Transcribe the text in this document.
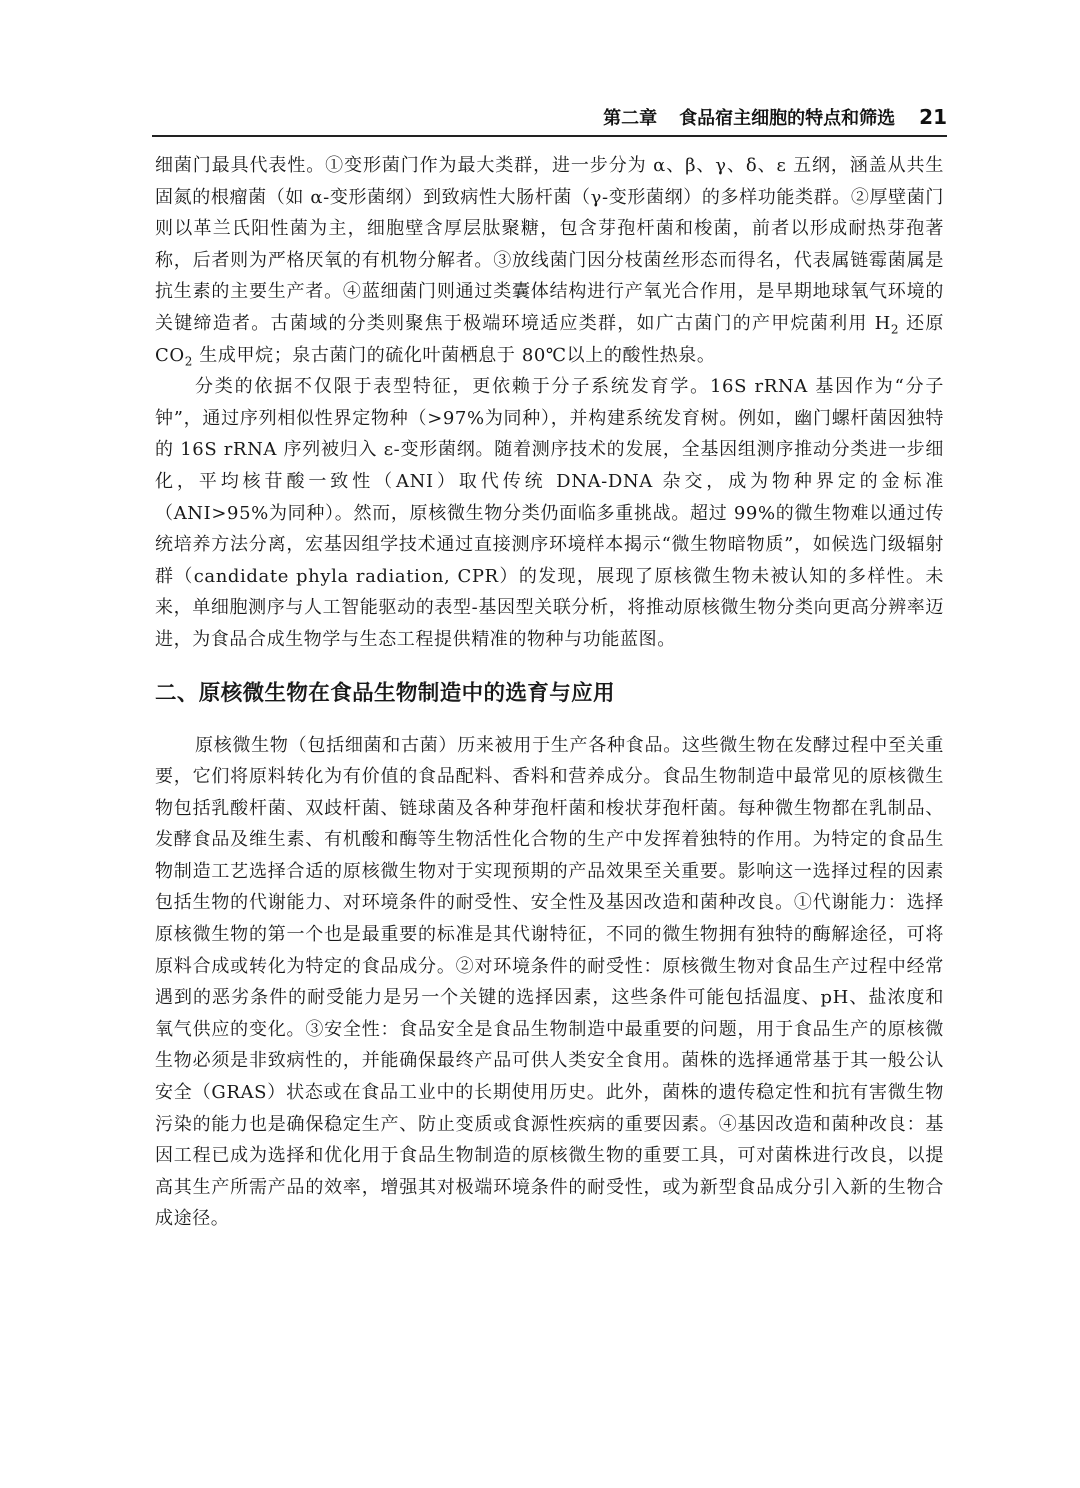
第二章 食品宿主细胞的特点和筛选 21

细菌门最具代表性。①变形菌门作为最大类群，进一步分为 α、β、γ、δ、ε 五纲，涵盖从共生固氮的根瘤菌（如 α-变形菌纲）到致病性大肠杆菌（γ-变形菌纲）的多样功能类群。②厚壁菌门则以革兰氏阳性菌为主，细胞壁含厚层肽聚糖，包含芽孢杆菌和梭菌，前者以形成耐热芽孢著称，后者则为严格厌氧的有机物分解者。③放线菌门因分枝菌丝形态而得名，代表属链霉菌属是抗生素的主要生产者。④蓝细菌门则通过类囊体结构进行产氧光合作用，是早期地球氧气环境的关键缔造者。古菌域的分类则聚焦于极端环境适应类群，如广古菌门的产甲烷菌利用 $H_2$ 还原 $CO_2$ 生成甲烷；泉古菌门的硫化叶菌栖息于 80℃以上的酸性热泉。

分类的依据不仅限于表型特征，更依赖于分子系统发育学。16S rRNA 基因作为“分子钟”，通过序列相似性界定物种（>97%为同种），并构建系统发育树。例如，幽门螺杆菌因独特的 16S rRNA 序列被归入 ε-变形菌纲。随着测序技术的发展，全基因组测序推动分类进一步细化，平均核苷酸一致性（ANI）取代传统 DNA-DNA 杂交，成为物种界定的金标准（ANI>95%为同种）。然而，原核微生物分类仍面临多重挑战。超过 99%的微生物难以通过传统培养方法分离，宏基因组学技术通过直接测序环境样本揭示“微生物暗物质”，如候选门级辐射群（candidate phyla radiation, CPR）的发现，展现了原核微生物未被认知的多样性。未来，单细胞测序与人工智能驱动的表型-基因型关联分析，将推动原核微生物分类向更高分辨率迈进，为食品合成生物学与生态工程提供精准的物种与功能蓝图。

二、原核微生物在食品生物制造中的选育与应用

原核微生物（包括细菌和古菌）历来被用于生产各种食品。这些微生物在发酵过程中至关重要，它们将原料转化为有价值的食品配料、香料和营养成分。食品生物制造中最常见的原核微生物包括乳酸杆菌、双歧杆菌、链球菌及各种芽孢杆菌和梭状芽孢杆菌。每种微生物都在乳制品、发酵食品及维生素、有机酸和酶等生物活性化合物的生产中发挥着独特的作用。为特定的食品生物制造工艺选择合适的原核微生物对于实现预期的产品效果至关重要。影响这一选择过程的因素包括生物的代谢能力、对环境条件的耐受性、安全性及基因改造和菌种改良。①代谢能力：选择原核微生物的第一个也是最重要的标准是其代谢特征，不同的微生物拥有独特的酶解途径，可将原料合成或转化为特定的食品成分。②对环境条件的耐受性：原核微生物对食品生产过程中经常遇到的恶劣条件的耐受能力是另一个关键的选择因素，这些条件可能包括温度、pH、盐浓度和氧气供应的变化。③安全性：食品安全是食品生物制造中最重要的问题，用于食品生产的原核微生物必须是非致病性的，并能确保最终产品可供人类安全食用。菌株的选择通常基于其一般公认安全（GRAS）状态或在食品工业中的长期使用历史。此外，菌株的遗传稳定性和抗有害微生物污染的能力也是确保稳定生产、防止变质或食源性疾病的重要因素。④基因改造和菌种改良：基因工程已成为选择和优化用于食品生物制造的原核微生物的重要工具，可对菌株进行改良，以提高其生产所需产品的效率，增强其对极端环境条件的耐受性，或为新型食品成分引入新的生物合成途径。
